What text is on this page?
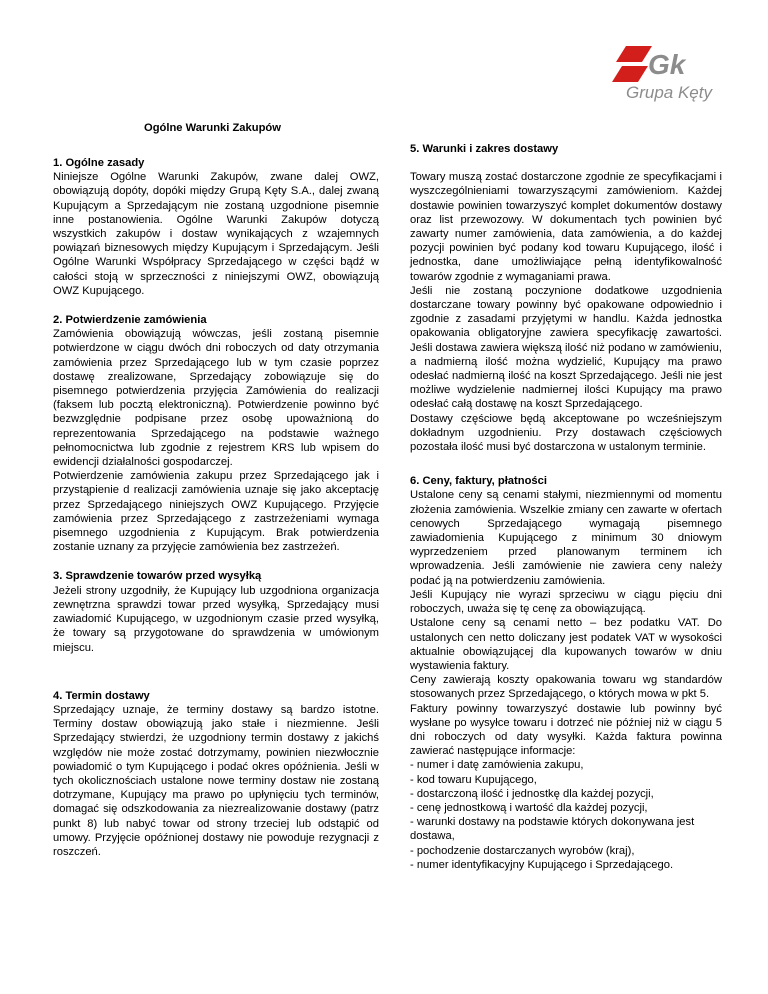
Gk
Grupa Kęty
Ogólne Warunki Zakupów
1. Ogólne zasady

Niniejsze Ogólne Warunki Zakupów, zwane dalej OWZ, obowiązują dopóty, dopóki między Grupą Kęty S.A., dalej zwaną Kupującym a Sprzedającym nie zostaną uzgodnione pisemnie inne postanowienia. Ogólne Warunki Zakupów dotyczą wszystkich zakupów i dostaw wynikających z wzajemnych powiązań biznesowych między Kupującym i Sprzedającym. Jeśli Ogólne Warunki Współpracy Sprzedającego w części bądź w całości stoją w sprzeczności z niniejszymi OWZ, obowiązują OWZ Kupującego.

2. Potwierdzenie zamówienia

Zamówienia obowiązują wówczas, jeśli zostaną pisemnie potwierdzone w ciągu dwóch dni roboczych od daty otrzymania zamówienia przez Sprzedającego lub w tym czasie poprzez dostawę zrealizowane, Sprzedający zobowiązuje się do pisemnego potwierdzenia przyjęcia Zamówienia do realizacji (faksem lub pocztą elektroniczną). Potwierdzenie powinno być bezwzględnie podpisane przez osobę upoważnioną do reprezentowania Sprzedającego na podstawie ważnego pełnomocnictwa lub zgodnie z rejestrem KRS lub wpisem do ewidencji działalności gospodarczej.

Potwierdzenie zamówienia zakupu przez Sprzedającego jak i przystąpienie d realizacji zamówienia uznaje się jako akceptację przez Sprzedającego niniejszych OWZ Kupującego. Przyjęcie zamówienia przez Sprzedającego z zastrzeżeniami wymaga pisemnego uzgodnienia z Kupującym. Brak potwierdzenia zostanie uznany za przyjęcie zamówienia bez zastrzeżeń.

3. Sprawdzenie towarów przed wysyłką

Jeżeli strony uzgodniły, że Kupujący lub uzgodniona organizacja zewnętrzna sprawdzi towar przed wysyłką, Sprzedający musi zawiadomić Kupującego, w uzgodnionym czasie przed wysyłką, że towary są przygotowane do sprawdzenia w umówionym miejscu.

4. Termin dostawy

Sprzedający uznaje, że terminy dostawy są bardzo istotne. Terminy dostaw obowiązują jako stałe i niezmienne. Jeśli Sprzedający stwierdzi, że uzgodniony termin dostawy z jakichś względów nie może zostać dotrzymamy, powinien niezwłocznie powiadomić o tym Kupującego i podać okres opóźnienia. Jeśli w tych okolicznościach ustalone nowe terminy dostaw nie zostaną dotrzymane, Kupujący ma prawo po upłynięciu tych terminów, domagać się odszkodowania za niezrealizowanie dostawy (patrz punkt 8) lub nabyć towar od strony trzeciej lub odstąpić od umowy. Przyjęcie opóźnionej dostawy nie powoduje rezygnacji z roszczeń.

5. Warunki i zakres dostawy

Towary muszą zostać dostarczone zgodnie ze specyfikacjami i wyszczególnieniami towarzyszącymi zamówieniom. Każdej dostawie powinien towarzyszyć komplet dokumentów dostawy oraz list przewozowy. W dokumentach tych powinien być zawarty numer zamówienia, data zamówienia, a do każdej pozycji powinien być podany kod towaru Kupującego, ilość i jednostka, dane umożliwiające pełną identyfikowalność towarów zgodnie z wymaganiami prawa.

Jeśli nie zostaną poczynione dodatkowe uzgodnienia dostarczane towary powinny być opakowane odpowiednio i zgodnie z zasadami przyjętymi w handlu. Każda jednostka opakowania obligatoryjne zawiera specyfikację zawartości. Jeśli dostawa zawiera większą ilość niż podano w zamówieniu, a nadmierną ilość można wydzielić, Kupujący ma prawo odesłać nadmierną ilość na koszt Sprzedającego. Jeśli nie jest możliwe wydzielenie nadmiernej ilości Kupujący ma prawo odesłać całą dostawę na koszt Sprzedającego.

Dostawy częściowe będą akceptowane po wcześniejszym dokładnym uzgodnieniu. Przy dostawach częściowych pozostała ilość musi być dostarczona w ustalonym terminie.

6. Ceny, faktury, płatności

Ustalone ceny są cenami stałymi, niezmiennymi od momentu złożenia zamówienia. Wszelkie zmiany cen zawarte w ofertach cenowych Sprzedającego wymagają pisemnego zawiadomienia Kupującego z minimum 30 dniowym wyprzedzeniem przed planowanym terminem ich wprowadzenia. Jeśli zamówienie nie zawiera ceny należy podać ją na potwierdzeniu zamówienia.

Jeśli Kupujący nie wyrazi sprzeciwu w ciągu pięciu dni roboczych, uważa się tę cenę za obowiązującą.

Ustalone ceny są cenami netto – bez podatku VAT. Do ustalonych cen netto doliczany jest podatek VAT w wysokości aktualnie obowiązującej dla kupowanych towarów w dniu wystawienia faktury.

Ceny zawierają koszty opakowania towaru wg standardów stosowanych przez Sprzedającego, o których mowa w pkt 5.

Faktury powinny towarzyszyć dostawie lub powinny być wysłane po wysyłce towaru i dotrzeć nie później niż w ciągu 5 dni roboczych od daty wysyłki. Każda faktura powinna zawierać następujące informacje:

- numer i datę zamówienia zakupu,
- kod towaru Kupującego,
- dostarczoną ilość i jednostkę dla każdej pozycji,
- cenę jednostkową i wartość dla każdej pozycji,
- warunki dostawy na podstawie których dokonywana jest dostawa,
- pochodzenie dostarczanych wyrobów (kraj),
- numer identyfikacyjny Kupującego i Sprzedającego.
